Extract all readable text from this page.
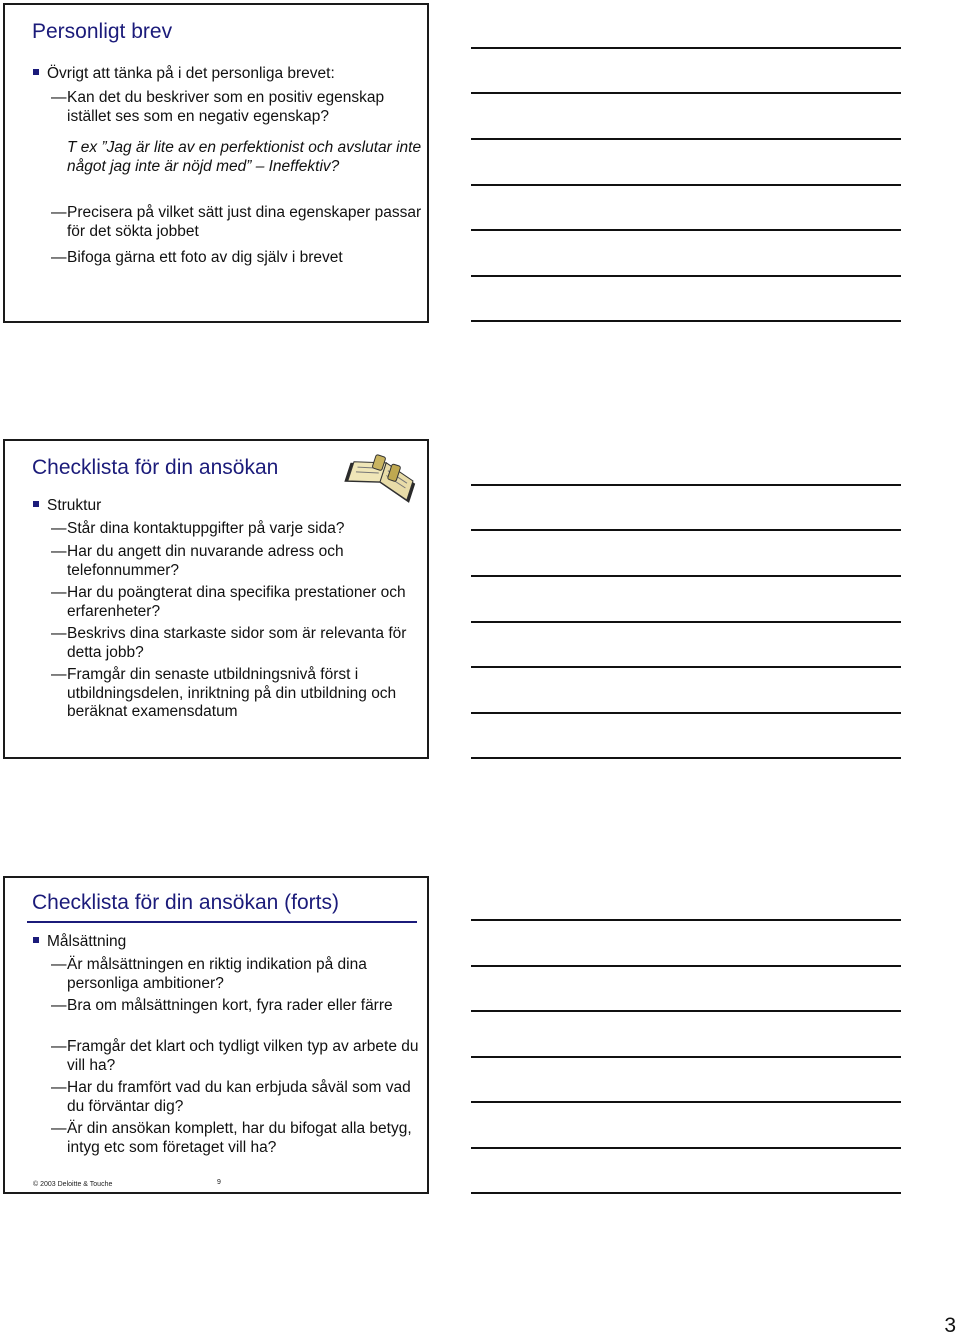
Personligt brev
Övrigt att tänka på i det personliga brevet:
— Kan det du beskriver som en positiv egenskap istället ses som en negativ egenskap?
T ex ”Jag är lite av en perfektionist och avslutar inte något jag inte är nöjd med” – Ineffektiv?
— Precisera på vilket sätt just dina egenskaper passar för det sökta jobbet
— Bifoga gärna ett foto av dig själv i brevet
Checklista för din ansökan
Struktur
— Står dina kontaktuppgifter på varje sida?
— Har du angett din nuvarande adress och telefonnummer?
— Har du poängterat dina specifika prestationer och erfarenheter?
— Beskrivs dina starkaste sidor som är relevanta för detta jobb?
— Framgår din senaste utbildningsnivå först i utbildningsdelen, inriktning på din utbildning och beräknat examensdatum
Checklista för din ansökan (forts)
Målsättning
— Är målsättningen en riktig indikation på dina personliga ambitioner?
— Bra om målsättningen kort, fyra rader eller färre
— Framgår det klart och tydligt vilken typ av arbete du vill ha?
— Har du framfört vad du kan erbjuda såväl som vad du förväntar dig?
— Är din ansökan komplett, har du bifogat alla betyg, intyg etc som företaget vill ha?
© 2003 Deloitte & Touche	9
3
